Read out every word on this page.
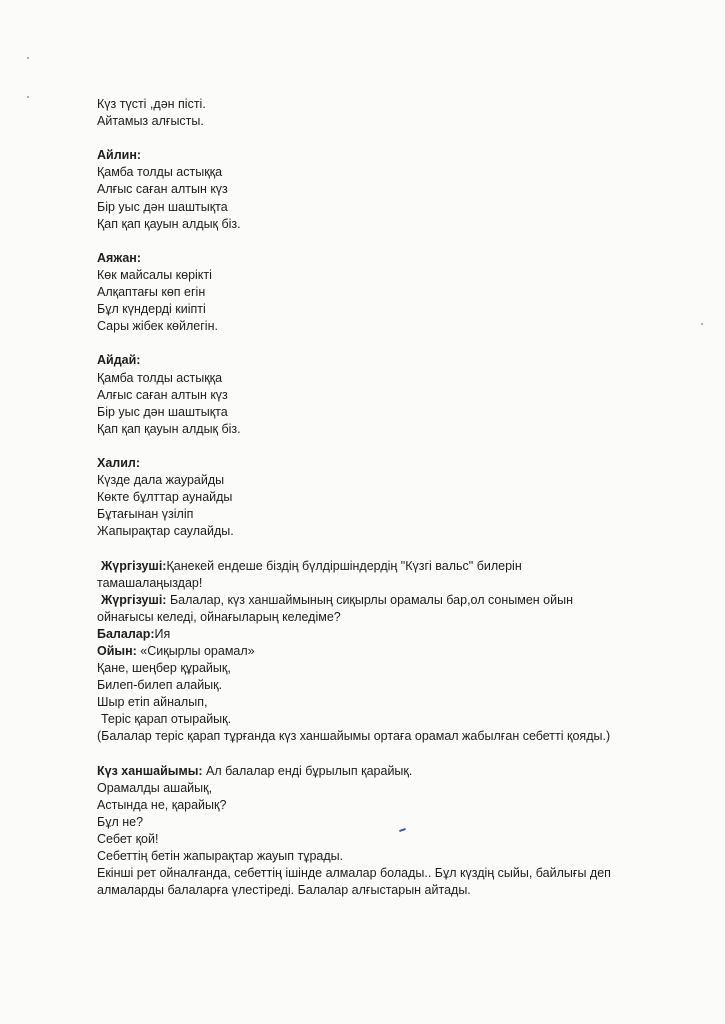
Күз түсті ,дән пісті.
Айтамыз алғысты.
Айлин:
Қамба толды астыққа
Алғыс саған алтын күз
Бір уыс дән шаштықта
Қап қап қауын алдық біз.
Аяжан:
Көк майсалы көрікті
Алқаптағы көп егін
Бұл күндерді киіпті
Сары жібек көйлегін.
Айдай:
Қамба толды астыққа
Алғыс саған алтын күз
Бір уыс дән шаштықта
Қап қап қауын алдық біз.
Халил:
Күзде дала жаурайды
Көкте бұлттар аунайды
Бұтағынан үзіліп
Жапырақтар саулайды.
Жүргізуші:Қанекей ендеше біздің бүлдіршіндердің "Күзгі вальс" билерін
тамашалаңыздар!
Жүргізуші: Балалар, күз ханшаймының сиқырлы орамалы бар,ол сонымен ойын
ойнағысы келеді, ойнағыларың келедіме?
Балалар:Ия
Ойын: «Сиқырлы орамал»
Қане, шеңбер құрайық,
Билеп-билеп алайық.
Шыр етіп айналып,
Теріс қарап отырайық.
(Балалар теріс қарап тұрғанда күз ханшайымы ортаға орамал жабылған себетті қояды.)
Күз ханшайымы: Ал балалар енді бұрылып қарайық.
Орамалды ашайық,
Астында не, қарайық?
Бұл не?
Себет қой!
Себеттің бетін жапырақтар жауып тұрады.
Екінші рет ойналғанда, себеттің ішінде алмалар болады.. Бұл күздің сыйы, байлығы деп
алмаларды балаларға үлестіреді. Балалар алғыстарын айтады.
